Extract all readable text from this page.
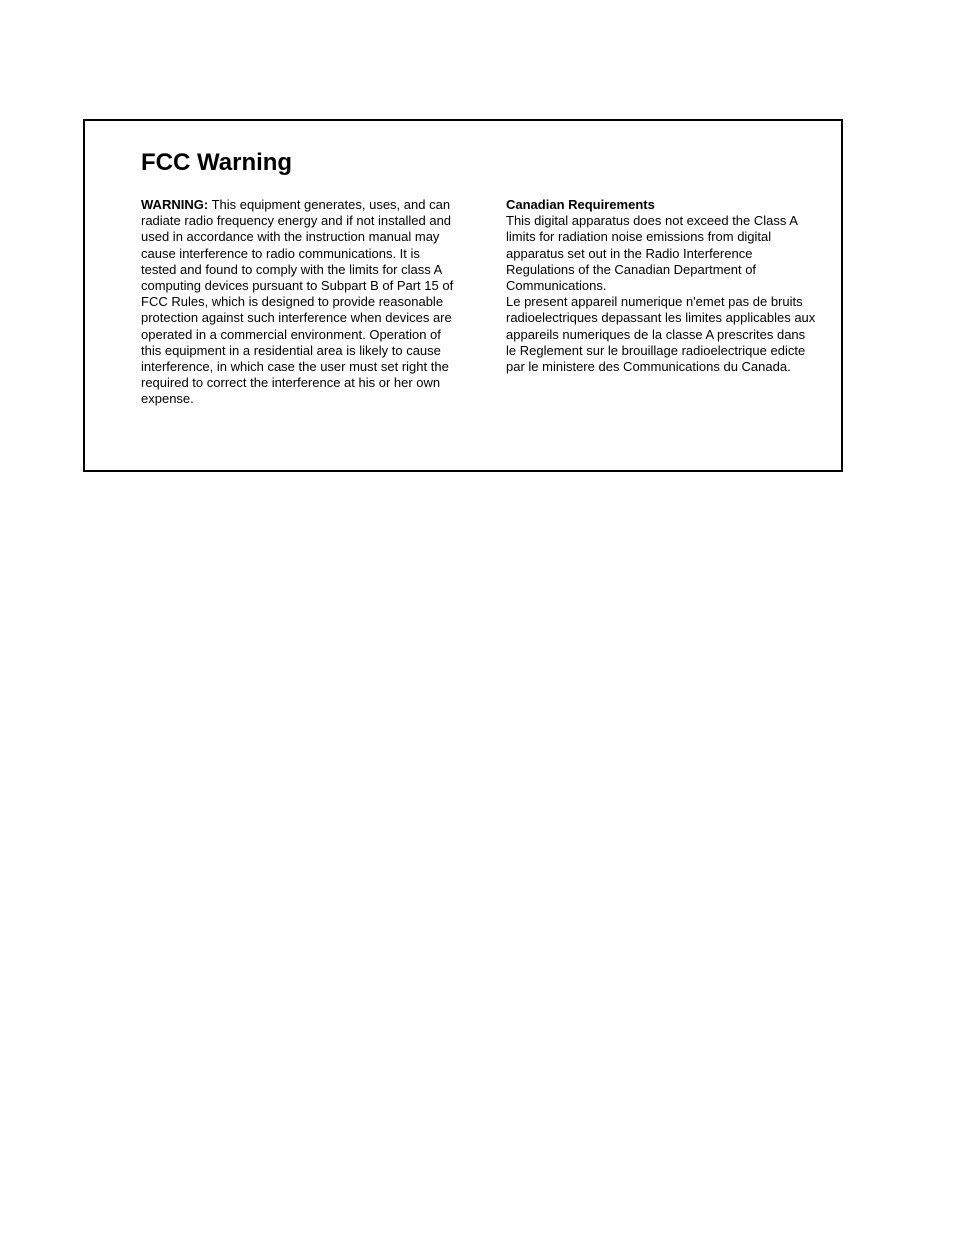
FCC Warning

WARNING: This equipment generates, uses, and can radiate radio frequency energy and if not installed and used in accordance with the instruction manual may cause interference to radio communications. It is tested and found to comply with the limits for class A computing devices pursuant to Subpart B of Part 15 of FCC Rules, which is designed to provide reasonable protection against such interference when devices are operated in a commercial environment. Operation of this equipment in a residential area is likely to cause interference, in which case the user must set right the required to correct the interference at his or her own expense.

Canadian Requirements
This digital apparatus does not exceed the Class A limits for radiation noise emissions from digital apparatus set out in the Radio Interference Regulations of the Canadian Department of Communications.
Le present appareil numerique n'emet pas de bruits radioelectriques depassant les limites applicables aux appareils numeriques de la classe A prescrites dans le Reglement sur le brouillage radioelectrique edicte par le ministere des Communications du Canada.
